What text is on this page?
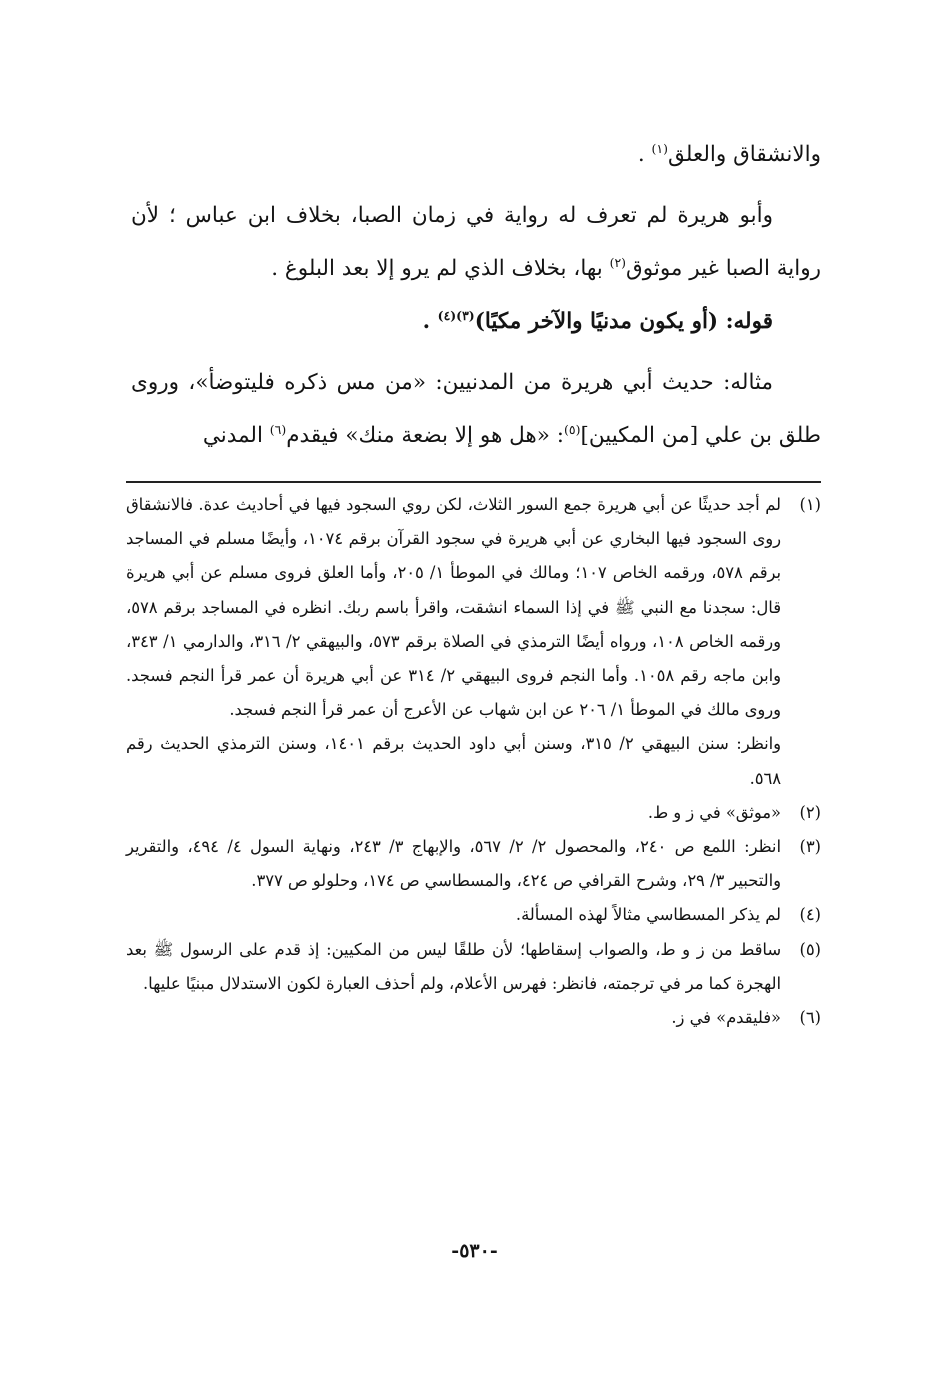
والانشقاق والعلق$^{(١)}$ .

وأبو هريرة لم تعرف له رواية في زمان الصبا، بخلاف ابن عباس ؛ لأن رواية الصبا غير موثوق$^{(٢)}$ بها، بخلاف الذي لم يرو إلا بعد البلوغ .

قوله: (أو يكون مدنيًا والآخر مكيًا)$^{(٣)(٤)}$ .

مثاله: حديث أبي هريرة من المدنيين: «من مس ذكره فليتوضأ»، وروى طلق بن علي [من المكيين]$^{(٥)}$: «هل هو إلا بضعة منك» فيقدم$^{(٦)}$ المدني

(١)

لم أجد حديثًا عن أبي هريرة جمع السور الثلاث، لكن روي السجود فيها في أحاديث عدة. فالانشقاق روى السجود فيها البخاري عن أبي هريرة في سجود القرآن برقم ١٠٧٤، وأيضًا مسلم في المساجد برقم ٥٧٨، ورقمه الخاص ١٠٧؛ ومالك في الموطأ ١/ ٢٠٥، وأما العلق فروى مسلم عن أبي هريرة قال: سجدنا مع النبي ﷺ في إذا السماء انشقت، واقرأ باسم ربك. انظره في المساجد برقم ٥٧٨، ورقمه الخاص ١٠٨، ورواه أيضًا الترمذي في الصلاة برقم ٥٧٣، والبيهقي ٢/ ٣١٦، والدارمي ١/ ٣٤٣، وابن ماجه رقم ١٠٥٨. وأما النجم فروى البيهقي ٢/ ٣١٤ عن أبي هريرة أن عمر قرأ النجم فسجد. وروى مالك في الموطأ ١/ ٢٠٦ عن ابن شهاب عن الأعرج أن عمر قرأ النجم فسجد.

وانظر: سنن البيهقي ٢/ ٣١٥، وسنن أبي داود الحديث برقم ١٤٠١، وسنن الترمذي الحديث رقم ٥٦٨.

(٢)

«موثق» في ز و ط.

(٣)

انظر: اللمع ص ٢٤٠، والمحصول ٢/ ٢/ ٥٦٧، والإبهاج ٣/ ٢٤٣، ونهاية السول ٤/ ٤٩٤، والتقرير والتحبير ٣/ ٢٩، وشرح القرافي ص ٤٢٤، والمسطاسي ص ١٧٤، وحلولو ص ٣٧٧.

(٤)

لم يذكر المسطاسي مثالاً لهذه المسألة.

(٥)

ساقط من ز و ط، والصواب إسقاطها؛ لأن طلقًا ليس من المكيين: إذ قدم على الرسول ﷺ بعد الهجرة كما مر في ترجمته، فانظر: فهرس الأعلام، ولم أحذف العبارة لكون الاستدلال مبنيًا عليها.

(٦)

«فليقدم» في ز.

-٥٣٠-
